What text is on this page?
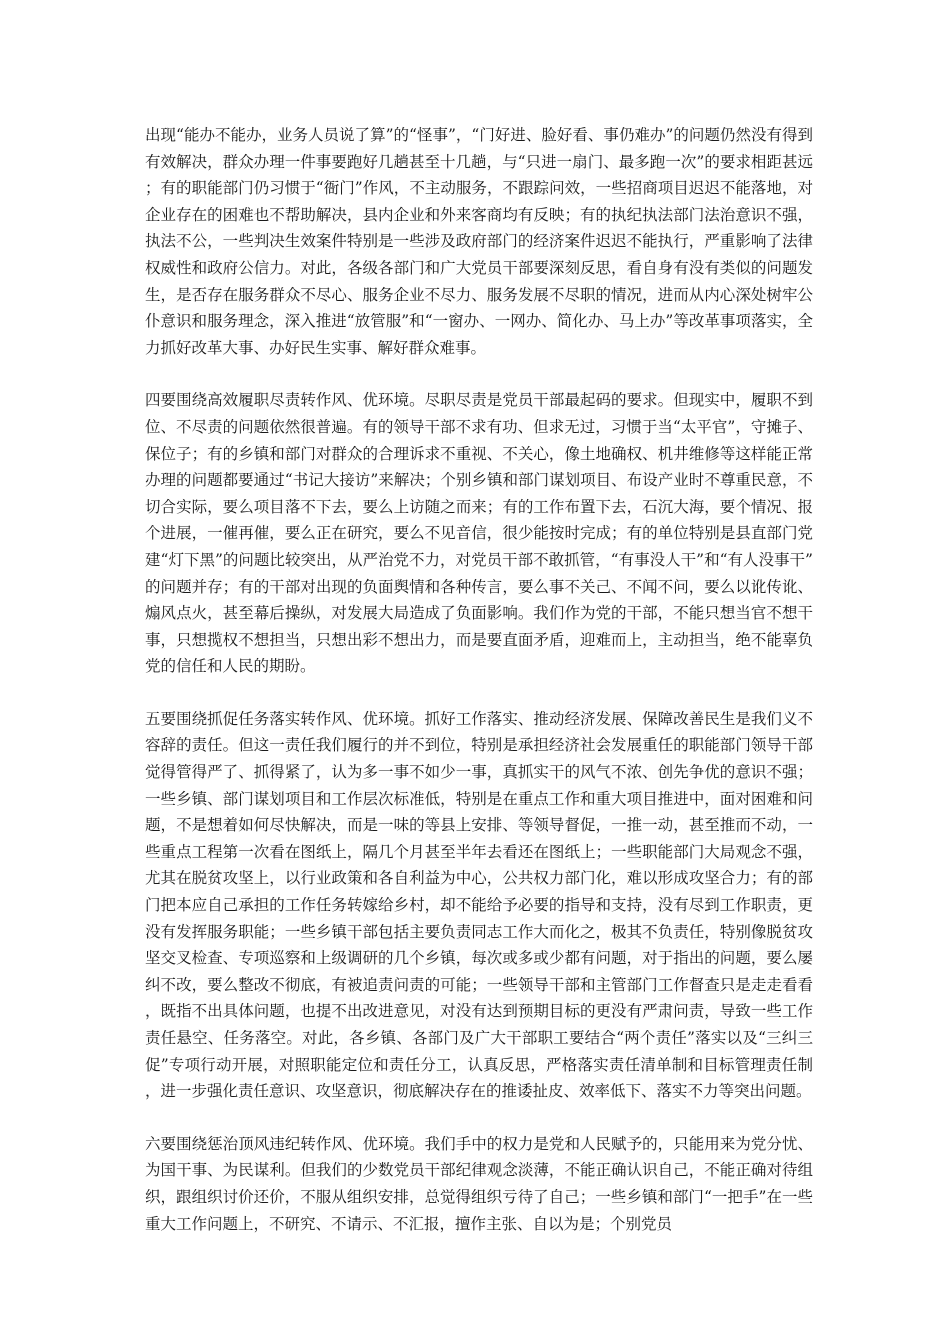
出现“能办不能办，业务人员说了算”的“怪事”，“门好进、脸好看、事仍难办”的问题仍然没有得到有效解决，群众办理一件事要跑好几趟甚至十几趟，与“只进一扇门、最多跑一次”的要求相距甚远；有的职能部门仍习惯于“衙门”作风，不主动服务，不跟踪问效，一些招商项目迟迟不能落地，对企业存在的困难也不帮助解决，县内企业和外来客商均有反映；有的执纪执法部门法治意识不强，执法不公，一些判决生效案件特别是一些涉及政府部门的经济案件迟迟不能执行，严重影响了法律权威性和政府公信力。对此，各级各部门和广大党员干部要深刻反思，看自身有没有类似的问题发生，是否存在服务群众不尽心、服务企业不尽力、服务发展不尽职的情况，进而从内心深处树牢公仆意识和服务理念，深入推进“放管服”和“一窗办、一网办、简化办、马上办”等改革事项落实，全力抓好改革大事、办好民生实事、解好群众难事。

四要围绕高效履职尽责转作风、优环境。尽职尽责是党员干部最起码的要求。但现实中，履职不到位、不尽责的问题依然很普遍。有的领导干部不求有功、但求无过，习惯于当“太平官”，守摊子、保位子；有的乡镇和部门对群众的合理诉求不重视、不关心，像土地确权、机井维修等这样能正常办理的问题都要通过“书记大接访”来解决；个别乡镇和部门谋划项目、布设产业时不尊重民意，不切合实际，要么项目落不下去，要么上访随之而来；有的工作布置下去，石沉大海，要个情况、报个进展，一催再催，要么正在研究，要么不见音信，很少能按时完成；有的单位特别是县直部门党建“灯下黑”的问题比较突出，从严治党不力，对党员干部不敢抓管，“有事没人干”和“有人没事干”的问题并存；有的干部对出现的负面舆情和各种传言，要么事不关己、不闻不问，要么以讹传讹、煽风点火，甚至幕后操纵，对发展大局造成了负面影响。我们作为党的干部，不能只想当官不想干事，只想揽权不想担当，只想出彩不想出力，而是要直面矛盾，迎难而上，主动担当，绝不能辜负党的信任和人民的期盼。

五要围绕抓促任务落实转作风、优环境。抓好工作落实、推动经济发展、保障改善民生是我们义不容辞的责任。但这一责任我们履行的并不到位，特别是承担经济社会发展重任的职能部门领导干部觉得管得严了、抓得紧了，认为多一事不如少一事，真抓实干的风气不浓、创先争优的意识不强；一些乡镇、部门谋划项目和工作层次标准低，特别是在重点工作和重大项目推进中，面对困难和问题，不是想着如何尽快解决，而是一味的等县上安排、等领导督促，一推一动，甚至推而不动，一些重点工程第一次看在图纸上，隔几个月甚至半年去看还在图纸上；一些职能部门大局观念不强，尤其在脱贫攻坚上，以行业政策和各自利益为中心，公共权力部门化，难以形成攻坚合力；有的部门把本应自己承担的工作任务转嫁给乡村，却不能给予必要的指导和支持，没有尽到工作职责，更没有发挥服务职能；一些乡镇干部包括主要负责同志工作大而化之，极其不负责任，特别像脱贫攻坚交叉检查、专项巡察和上级调研的几个乡镇，每次或多或少都有问题，对于指出的问题，要么屡纠不改，要么整改不彻底，有被追责问责的可能；一些领导干部和主管部门工作督查只是走走看看，既指不出具体问题，也提不出改进意见，对没有达到预期目标的更没有严肃问责，导致一些工作责任悬空、任务落空。对此，各乡镇、各部门及广大干部职工要结合“两个责任”落实以及“三纠三促”专项行动开展，对照职能定位和责任分工，认真反思，严格落实责任清单制和目标管理责任制，进一步强化责任意识、攻坚意识，彻底解决存在的推诿扯皮、效率低下、落实不力等突出问题。

六要围绕惩治顶风违纪转作风、优环境。我们手中的权力是党和人民赋予的，只能用来为党分忧、为国干事、为民谋利。但我们的少数党员干部纪律观念淡薄，不能正确认识自己，不能正确对待组织，跟组织讨价还价，不服从组织安排，总觉得组织亏待了自己；一些乡镇和部门“一把手”在一些重大工作问题上，不研究、不请示、不汇报，擅作主张、自以为是；个别党员
